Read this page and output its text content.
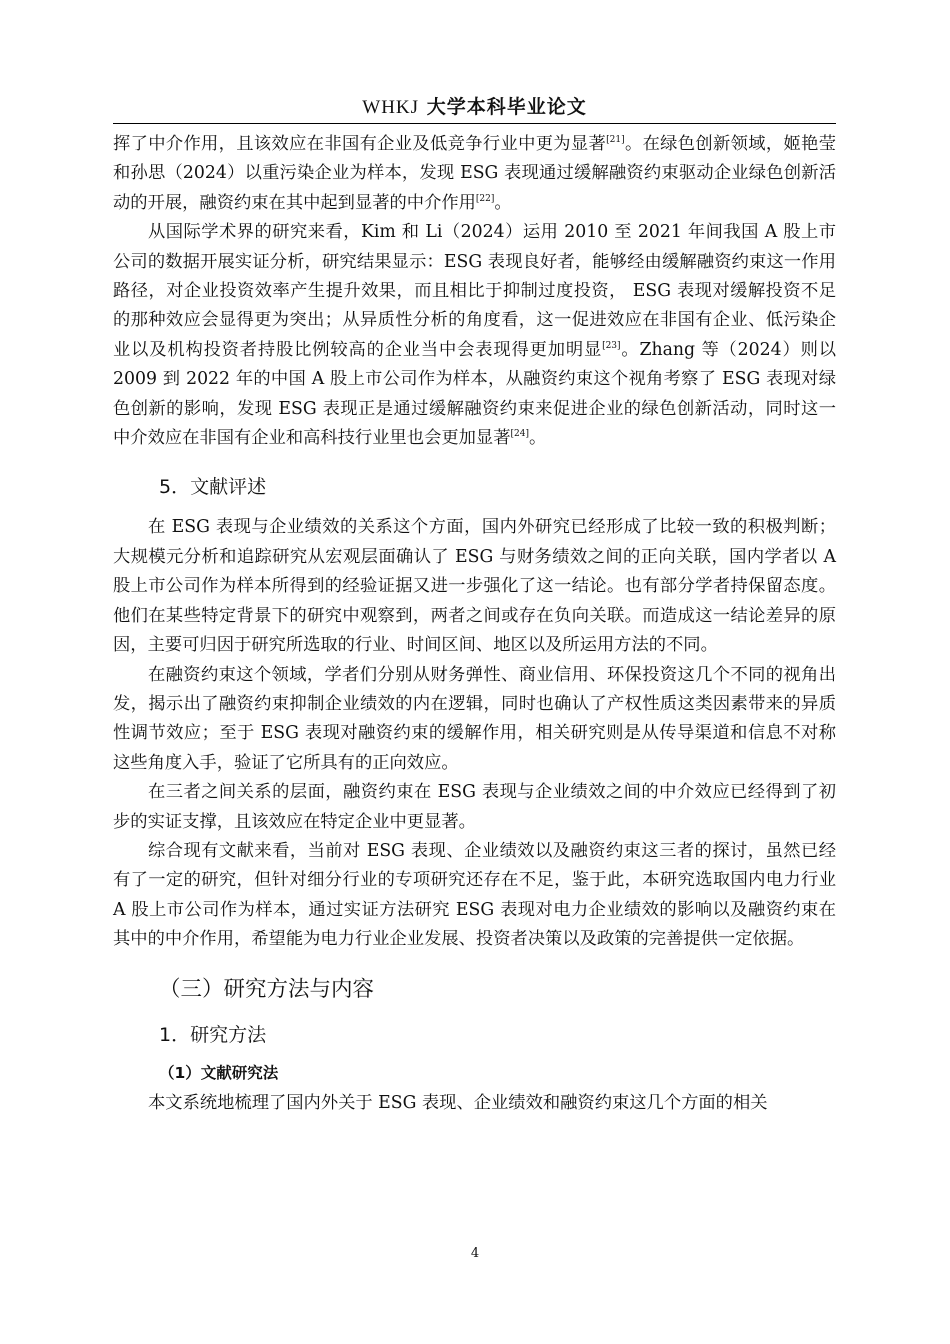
WHKJ 大学本科毕业论文

挥了中介作用，且该效应在非国有企业及低竞争行业中更为显著[21]。在绿色创新领域，姬艳莹和孙思（2024）以重污染企业为样本，发现 ESG 表现通过缓解融资约束驱动企业绿色创新活动的开展，融资约束在其中起到显著的中介作用[22]。

从国际学术界的研究来看，Kim 和 Li（2024）运用 2010 至 2021 年间我国 A 股上市公司的数据开展实证分析，研究结果显示：ESG 表现良好者，能够经由缓解融资约束这一作用路径，对企业投资效率产生提升效果，而且相比于抑制过度投资， ESG 表现对缓解投资不足的那种效应会显得更为突出；从异质性分析的角度看，这一促进效应在非国有企业、低污染企业以及机构投资者持股比例较高的企业当中会表现得更加明显[23]。Zhang 等（2024）则以 2009 到 2022 年的中国 A 股上市公司作为样本，从融资约束这个视角考察了 ESG 表现对绿色创新的影响，发现 ESG 表现正是通过缓解融资约束来促进企业的绿色创新活动，同时这一中介效应在非国有企业和高科技行业里也会更加显著[24]。

5．文献评述

在 ESG 表现与企业绩效的关系这个方面，国内外研究已经形成了比较一致的积极判断；大规模元分析和追踪研究从宏观层面确认了 ESG 与财务绩效之间的正向关联，国内学者以 A 股上市公司作为样本所得到的经验证据又进一步强化了这一结论。也有部分学者持保留态度。他们在某些特定背景下的研究中观察到，两者之间或存在负向关联。而造成这一结论差异的原因，主要可归因于研究所选取的行业、时间区间、地区以及所运用方法的不同。

在融资约束这个领域，学者们分别从财务弹性、商业信用、环保投资这几个不同的视角出发，揭示出了融资约束抑制企业绩效的内在逻辑，同时也确认了产权性质这类因素带来的异质性调节效应；至于 ESG 表现对融资约束的缓解作用，相关研究则是从传导渠道和信息不对称这些角度入手，验证了它所具有的正向效应。

在三者之间关系的层面，融资约束在 ESG 表现与企业绩效之间的中介效应已经得到了初步的实证支撑，且该效应在特定企业中更显著。

综合现有文献来看，当前对 ESG 表现、企业绩效以及融资约束这三者的探讨，虽然已经有了一定的研究，但针对细分行业的专项研究还存在不足，鉴于此，本研究选取国内电力行业 A 股上市公司作为样本，通过实证方法研究 ESG 表现对电力企业绩效的影响以及融资约束在其中的中介作用，希望能为电力行业企业发展、投资者决策以及政策的完善提供一定依据。

（三）研究方法与内容
1．研究方法
（1）文献研究法

本文系统地梳理了国内外关于 ESG 表现、企业绩效和融资约束这几个方面的相关

4
